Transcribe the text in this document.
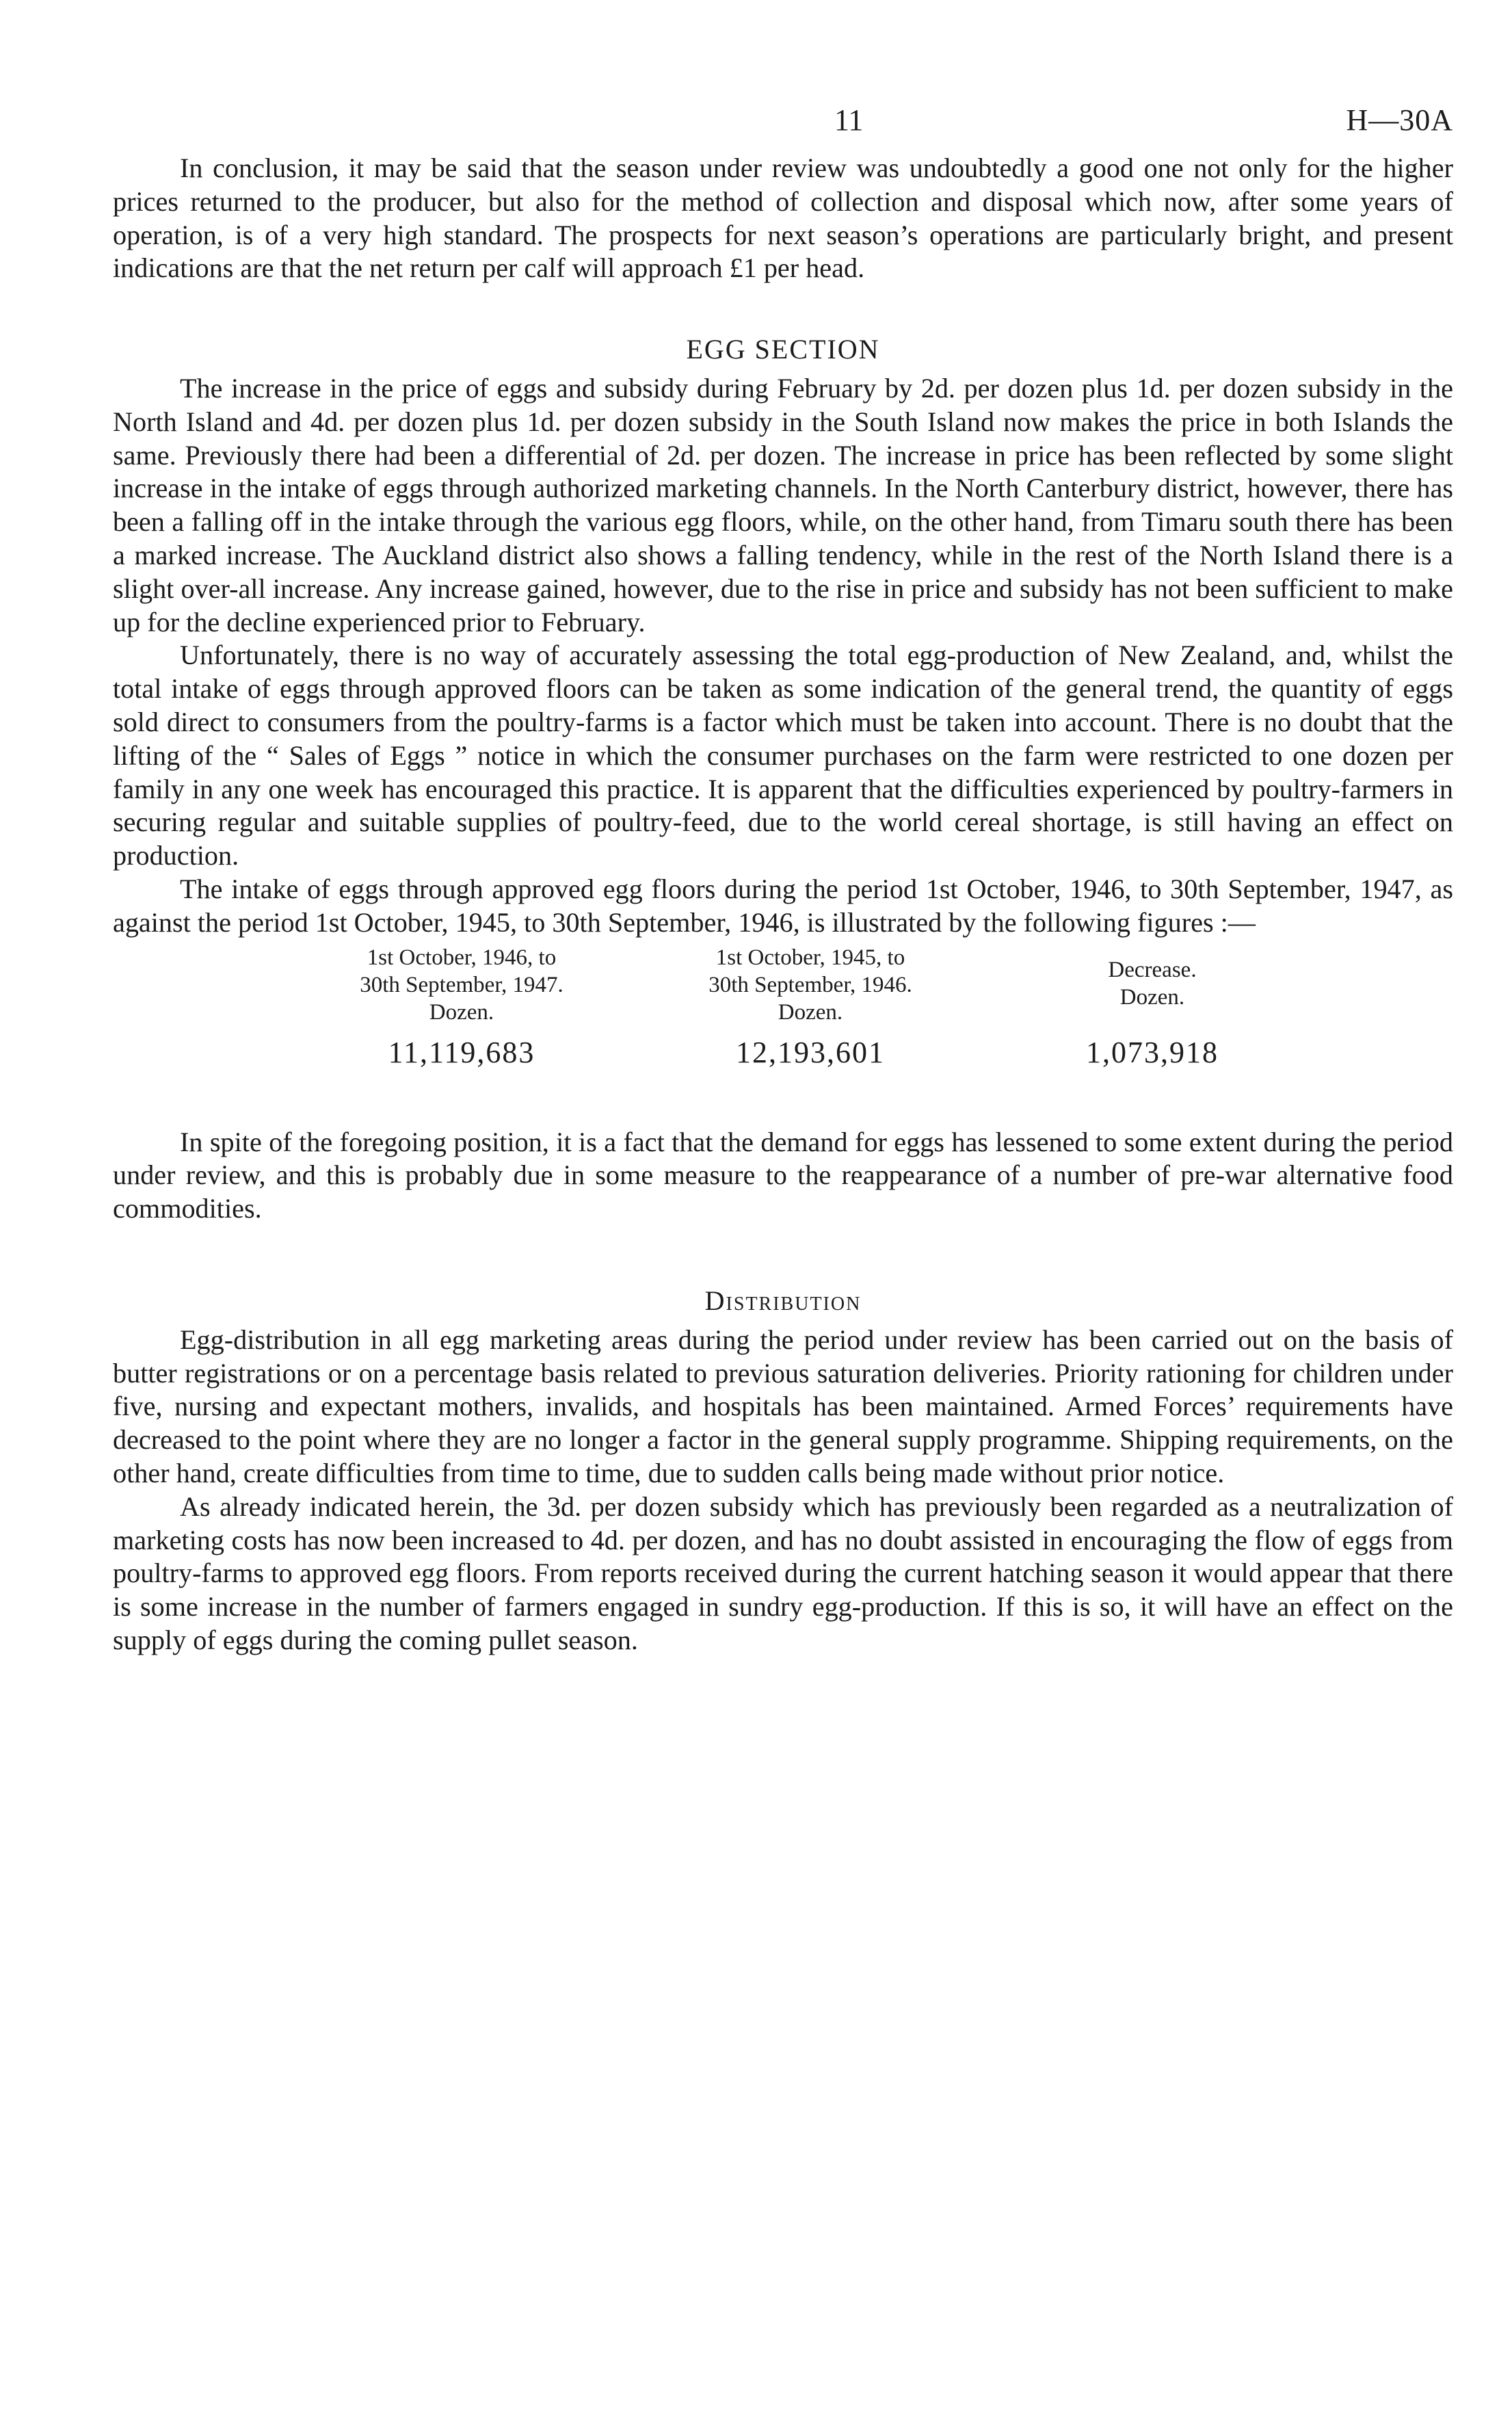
11	H—30A

In conclusion, it may be said that the season under review was undoubtedly a good one not only for the higher prices returned to the producer, but also for the method of collection and disposal which now, after some years of operation, is of a very high standard. The prospects for next season’s operations are particularly bright, and present indications are that the net return per calf will approach £1 per head.

EGG SECTION

The increase in the price of eggs and subsidy during February by 2d. per dozen plus 1d. per dozen subsidy in the North Island and 4d. per dozen plus 1d. per dozen subsidy in the South Island now makes the price in both Islands the same. Previously there had been a differential of 2d. per dozen. The increase in price has been reflected by some slight increase in the intake of eggs through authorized marketing channels. In the North Canterbury district, however, there has been a falling off in the intake through the various egg floors, while, on the other hand, from Timaru south there has been a marked increase. The Auckland district also shows a falling tendency, while in the rest of the North Island there is a slight over-all increase. Any increase gained, however, due to the rise in price and subsidy has not been sufficient to make up for the decline experienced prior to February.

Unfortunately, there is no way of accurately assessing the total egg-production of New Zealand, and, whilst the total intake of eggs through approved floors can be taken as some indication of the general trend, the quantity of eggs sold direct to consumers from the poultry-farms is a factor which must be taken into account. There is no doubt that the lifting of the “ Sales of Eggs ” notice in which the consumer purchases on the farm were restricted to one dozen per family in any one week has encouraged this practice. It is apparent that the difficulties experienced by poultry-farmers in securing regular and suitable supplies of poultry-feed, due to the world cereal shortage, is still having an effect on production.

The intake of eggs through approved egg floors during the period 1st October, 1946, to 30th September, 1947, as against the period 1st October, 1945, to 30th September, 1946, is illustrated by the following figures :—

1st October, 1946, to
30th September, 1947.
Dozen.
11,119,683
1st October, 1945, to
30th September, 1946.
Dozen.
12,193,601
Decrease.
Dozen.
1,073,918

In spite of the foregoing position, it is a fact that the demand for eggs has lessened to some extent during the period under review, and this is probably due in some measure to the reappearance of a number of pre-war alternative food commodities.

Distribution

Egg-distribution in all egg marketing areas during the period under review has been carried out on the basis of butter registrations or on a percentage basis related to previous saturation deliveries. Priority rationing for children under five, nursing and expectant mothers, invalids, and hospitals has been maintained. Armed Forces’ requirements have decreased to the point where they are no longer a factor in the general supply programme. Shipping requirements, on the other hand, create difficulties from time to time, due to sudden calls being made without prior notice.

As already indicated herein, the 3d. per dozen subsidy which has previously been regarded as a neutralization of marketing costs has now been increased to 4d. per dozen, and has no doubt assisted in encouraging the flow of eggs from poultry-farms to approved egg floors. From reports received during the current hatching season it would appear that there is some increase in the number of farmers engaged in sundry egg-production. If this is so, it will have an effect on the supply of eggs during the coming pullet season.
